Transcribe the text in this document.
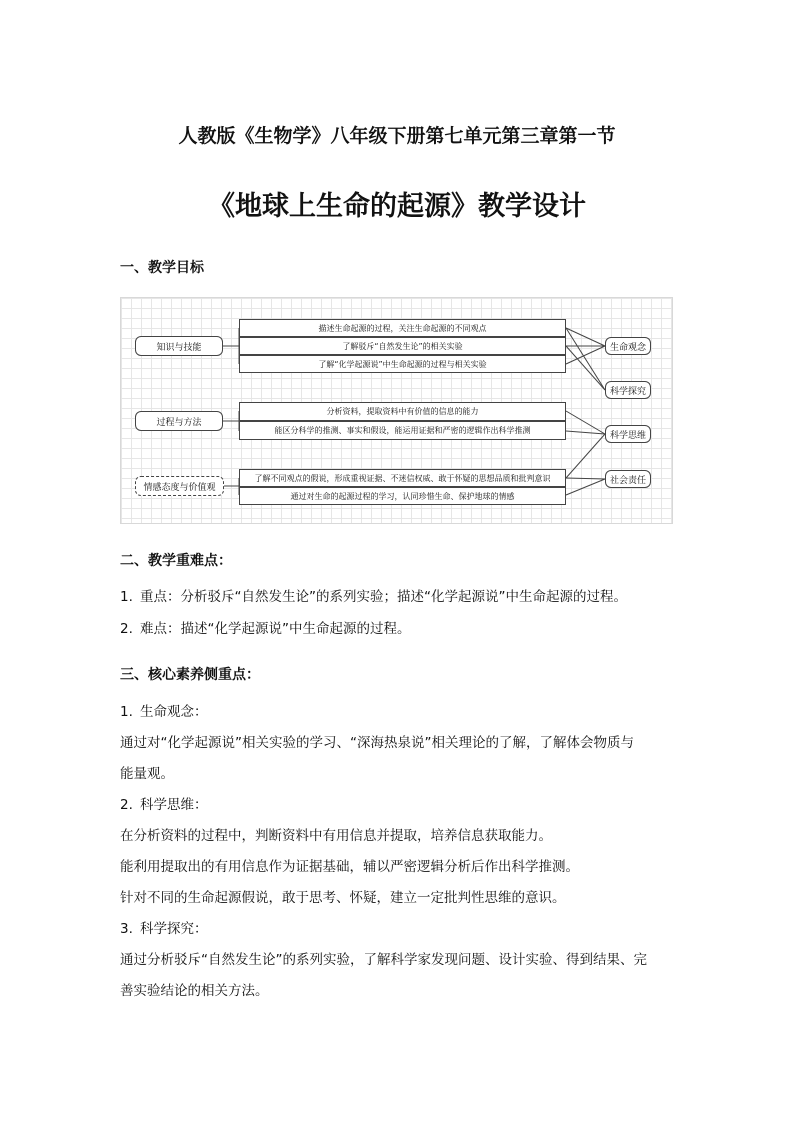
人教版《生物学》八年级下册第七单元第三章第一节
《地球上生命的起源》教学设计
一、教学目标
知识与技能
过程与方法
情感态度与价值观
描述生命起源的过程，关注生命起源的不同观点
了解驳斥“自然发生论”的相关实验
了解“化学起源说”中生命起源的过程与相关实验
分析资料，提取资料中有价值的信息的能力
能区分科学的推测、事实和假设，能运用证据和严密的逻辑作出科学推测
了解不同观点的假说，形成重视证据、不迷信权威、敢于怀疑的思想品质和批判意识
通过对生命的起源过程的学习，认同珍惜生命、保护地球的情感
生命观念
科学探究
科学思维
社会责任
二、教学重难点：
1. 重点：分析驳斥“自然发生论”的系列实验；描述“化学起源说”中生命起源的过程。
2. 难点：描述“化学起源说”中生命起源的过程。
三、核心素养侧重点：
1. 生命观念：
通过对“化学起源说”相关实验的学习、“深海热泉说”相关理论的了解，了解体会物质与
能量观。
2. 科学思维：
在分析资料的过程中，判断资料中有用信息并提取，培养信息获取能力。
能利用提取出的有用信息作为证据基础，辅以严密逻辑分析后作出科学推测。
针对不同的生命起源假说，敢于思考、怀疑，建立一定批判性思维的意识。
3. 科学探究：
通过分析驳斥“自然发生论”的系列实验，了解科学家发现问题、设计实验、得到结果、完
善实验结论的相关方法。
